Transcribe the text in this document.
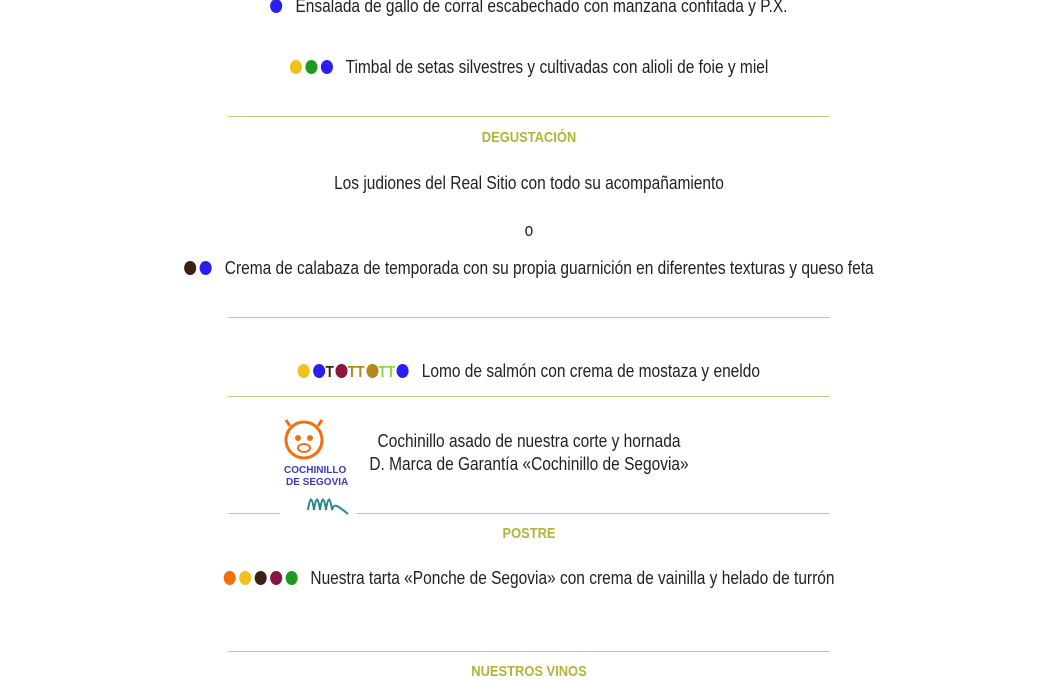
Ensalada de gallo de corral escabechado con manzana confitada y P.X.
Timbal de setas silvestres y cultivadas con alioli de foie y miel
DEGUSTACIÓN
Los judiones del Real Sitio con todo su acompañamiento
o
Crema de calabaza de temporada con su propia guarnición en diferentes texturas y queso feta
T TT TT Lomo de salmón con crema de mostaza y eneldo
COCHINILLO
DE SEGOVIA
Cochinillo asado de nuestra corte y hornada
D. Marca de Garantía «Cochinillo de Segovia»
POSTRE
Nuestra tarta «Ponche de Segovia» con crema de vainilla y helado de turrón
NUESTROS VINOS
